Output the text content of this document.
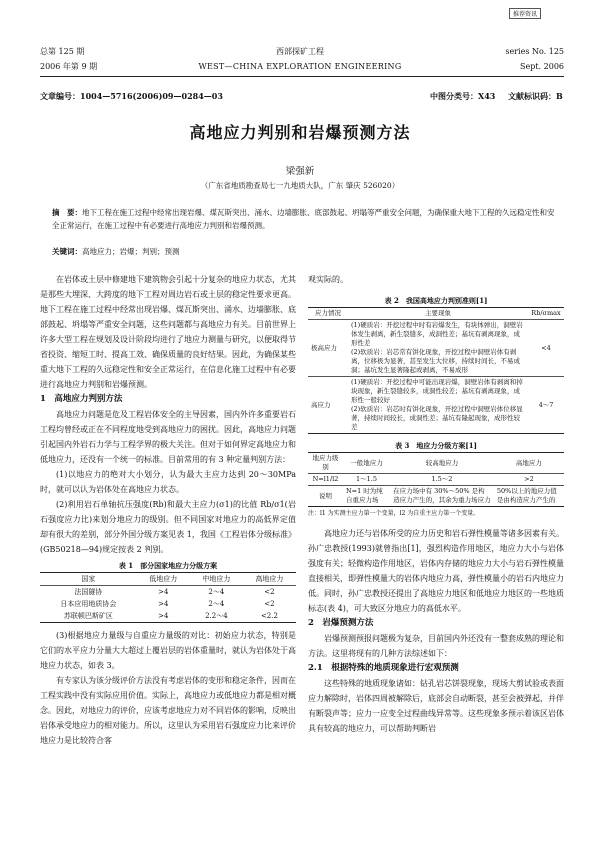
推荐资讯
总第 125 期
2006 年第 9 期
西部探矿工程
WEST—CHINA EXPLORATION ENGINEERING
series No. 125
Sept. 2006
文章编号：1004—5716(2006)09—0284—03	中图分类号：X43 文献标识码：B
高地应力判别和岩爆预测方法
梁强新
（广东省地质勘查局七一九地质大队，广东 肇庆 526020）
摘　要：地下工程在施工过程中经常出现岩爆、煤瓦斯突出、涌水、边墙膨胀、底部鼓起、坍塌等严重安全问题，为确保重大地下工程的久远稳定性和安全正常运行，在施工过程中有必要进行高地应力判别和岩爆预测。
关键词：高地应力；岩爆；判别；预测

在岩体或土层中修建地下建筑物会引起十分复杂的地应力状态，尤其是那些大埋深、大跨度的地下工程对周边岩石或土层的稳定性要求更高。地下工程在施工过程中经常出现岩爆、煤瓦斯突出、涌水、边墙膨胀、底部鼓起、坍塌等严重安全问题，这些问题都与高地应力有关。目前世界上许多大型工程在规划及设计阶段均进行了地应力测量与研究，以便取得节省投资、缩短工时、提高工效、确保质量的良好结果。因此，为确保某些重大地下工程的久远稳定性和安全正常运行，在信息化施工过程中有必要进行高地应力判别和岩爆预测。

1　高地应力判别方法

高地应力问题是危及工程岩体安全的主导因素，国内外许多重要岩石工程均曾经或正在不同程度地受到高地应力的困扰。因此，高地应力问题引起国内外岩石力学与工程学界的极大关注。但对于如何界定高地应力和低地应力，还没有一个统一的标准。目前常用的有 3 种定量判别方法：

(1)以地应力的绝对大小划分，认为最大主应力达到 20～30MPa 时，就可以认为岩体处在高地应力状态。

(2)利用岩石单轴抗压强度(Rb)和最大主应力(σ1)的比值 Rb/σ1(岩石强度应力比)来划分地应力的级别。但不同国家对地应力的高低界定值却有很大的差别，部分外国分级方案见表 1，我国《工程岩体分级标准》(GB50218—94)规定按表 2 判别。

表 1　部分国家地应力分级方案
国家	低地应力	中地应力	高地应力
法国隧协	>4	2～4	<2
日本应用地质协会	>4	2～4	<2
苏联顿巴斯矿区	>4	2.2～4	<2.2

(3)根据地应力量级与自重应力量级的对比：初始应力状态，特别是它们的水平应力分量大大超过上覆岩层的岩体重量时，就认为岩体处于高地应力状态，如表 3。

有专家认为该分级评价方法没有考虑岩体的变形和稳定条件，因而在工程实践中没有实际应用价值。实际上，高地应力或低地应力都是相对概念。因此，对地应力的评价，应该考虑地应力对不同岩体的影响，反映出岩体承受地应力的相对能力。所以，这里认为采用岩石强度应力比来评价地应力是比较符合客

观实际的。

表 2　我国高地应力判别准则[1]
应力情况	主要现象	Rb/σmax
极高应力	(1)硬质岩：开挖过程中时有岩爆发生，有块体弹出，洞壁岩体发生剥离，新生裂缝多，成洞性差；基坑有剥离现象，成形性差
(2)软质岩：岩芯常有饼化现象，开挖过程中洞壁岩体有剥离，位移极为显著，甚至发生大位移，持续时间长，不易成洞；基坑发生显著隆起或剥离，不易成形	<4
高应力	(1)硬质岩：开挖过程中可能出现岩爆，洞壁岩体有剥离和掉块现象，新生裂缝较多，成洞性较差；基坑有剥离现象，成形性一般较好
(2)软质岩：岩芯时有饼化现象，开挖过程中洞壁岩体位移显著，持续时间较长，成洞性差；基坑有隆起现象，成形性较差	4～7
表 3　地应力分级方案[1]
地应力级别	一般地应力	较高地应力	高地应力
N=l1/l2	1～1.5	1.5～2	>2
说明	N=1 时为纯自重应力场	在应力场中有 30%～50% 是构造应力产生的，其余为重力场应力	50%以上的地应力值是由构造应力产生的
注：l1 为实测主应力第一个变量，l2 为自重主应力第一个变量。

高地应力还与岩体所受的应力历史和岩石弹性模量等诸多因素有关。孙广忠教授(1993)就曾指出[1]，强烈构造作用地区，地应力大小与岩体强度有关；轻微构造作用地区，岩体内存储的地应力大小与岩石弹性模量直接相关，即弹性模量大的岩体内地应力高，弹性模量小的岩石内地应力低。同时，孙广忠教授还提出了高地应力地区和低地应力地区的一些地质标志(表 4)，可大致区分地应力的高低水平。

2　岩爆预测方法

岩爆预测预报问题极为复杂，目前国内外还没有一整套成熟的理论和方法。这里将现有的几种方法综述如下：

2.1　根据特殊的地质现象进行宏观预测

这些特殊的地质现象诸如：钻孔岩芯饼裂现象，现场大剪试验或表面应力解除时，岩体四周被解除后，底部会自动断裂，甚至会被弹起，并伴有断裂声等；应力一应变全过程曲线异常等。这些现象多预示着该区岩体具有较高的地应力，可以帮助判断岩
